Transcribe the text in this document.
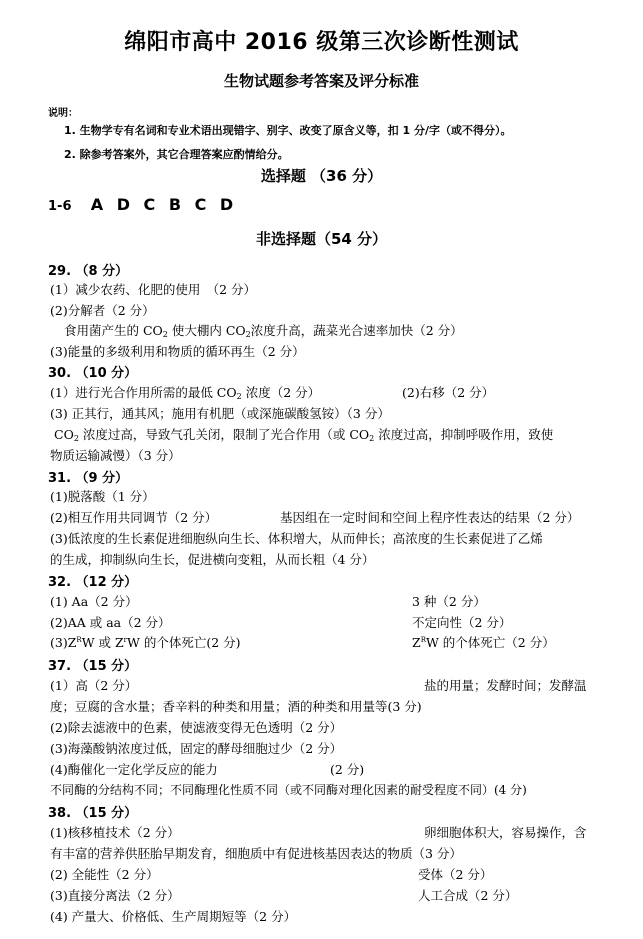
绵阳市高中 2016 级第三次诊断性测试
生物试题参考答案及评分标准
说明：
1. 生物学专有名词和专业术语出现错字、别字、改变了原含义等，扣 1 分/字（或不得分）。
2. 除参考答案外，其它合理答案应酌情给分。
选择题 （36 分）
1-6 A D C B C D
非选择题（54 分）
29. （8 分）
(1）减少农药、化肥的使用　（2 分）
(2)分解者（2 分）
食用菌产生的 $CO_2$ 使大棚内 $CO_2$浓度升高，蔬菜光合速率加快（2 分）
(3)能量的多级利用和物质的循环再生（2 分）
30. （10 分）
(1）进行光合作用所需的最低 $CO_2$ 浓度（2 分）	(2)右移（2 分）
(3) 正其行，通其风；施用有机肥（或深施碳酸氢铵）（3 分）
$CO_2$ 浓度过高，导致气孔关闭，限制了光合作用（或 $CO_2$ 浓度过高，抑制呼吸作用，致使
物质运输减慢）（3 分）
31. （9 分）
(1)脱落酸（1 分）
(2)相互作用共同调节（2 分）	基因组在一定时间和空间上程序性表达的结果（2 分）
(3)低浓度的生长素促进细胞纵向生长、体积增大，从而伸长；高浓度的生长素促进了乙烯
的生成，抑制纵向生长，促进横向变粗，从而长粗（4 分）
32. （12 分）
(1) Aa（2 分）	3 种（2 分）
(2)AA 或 aa（2 分）	不定向性（2 分）
$(3)Z^RW$ 或 $Z^rW$ 的个体死亡(2 分)	$Z^RW$ 的个体死亡（2 分）
37. （15 分）
(1）高（2 分）	盐的用量；发酵时间；发酵温
度；豆腐的含水量；香辛料的种类和用量；酒的种类和用量等(3 分)
(2)除去滤液中的色素，使滤液变得无色透明（2 分）
(3)海藻酸钠浓度过低，固定的酵母细胞过少（2 分）
(4)酶催化一定化学反应的能力	(2 分)
不同酶的分结构不同；不同酶理化性质不同（或不同酶对理化因素的耐受程度不同）(4 分)
38. （15 分）
(1)核移植技术（2 分）	卵细胞体积大，容易操作，含
有丰富的营养供胚胎早期发育，细胞质中有促进核基因表达的物质（3 分）
(2) 全能性（2 分）	受体（2 分）
(3)直接分离法（2 分）	人工合成（2 分）
(4) 产量大、价格低、生产周期短等（2 分）
